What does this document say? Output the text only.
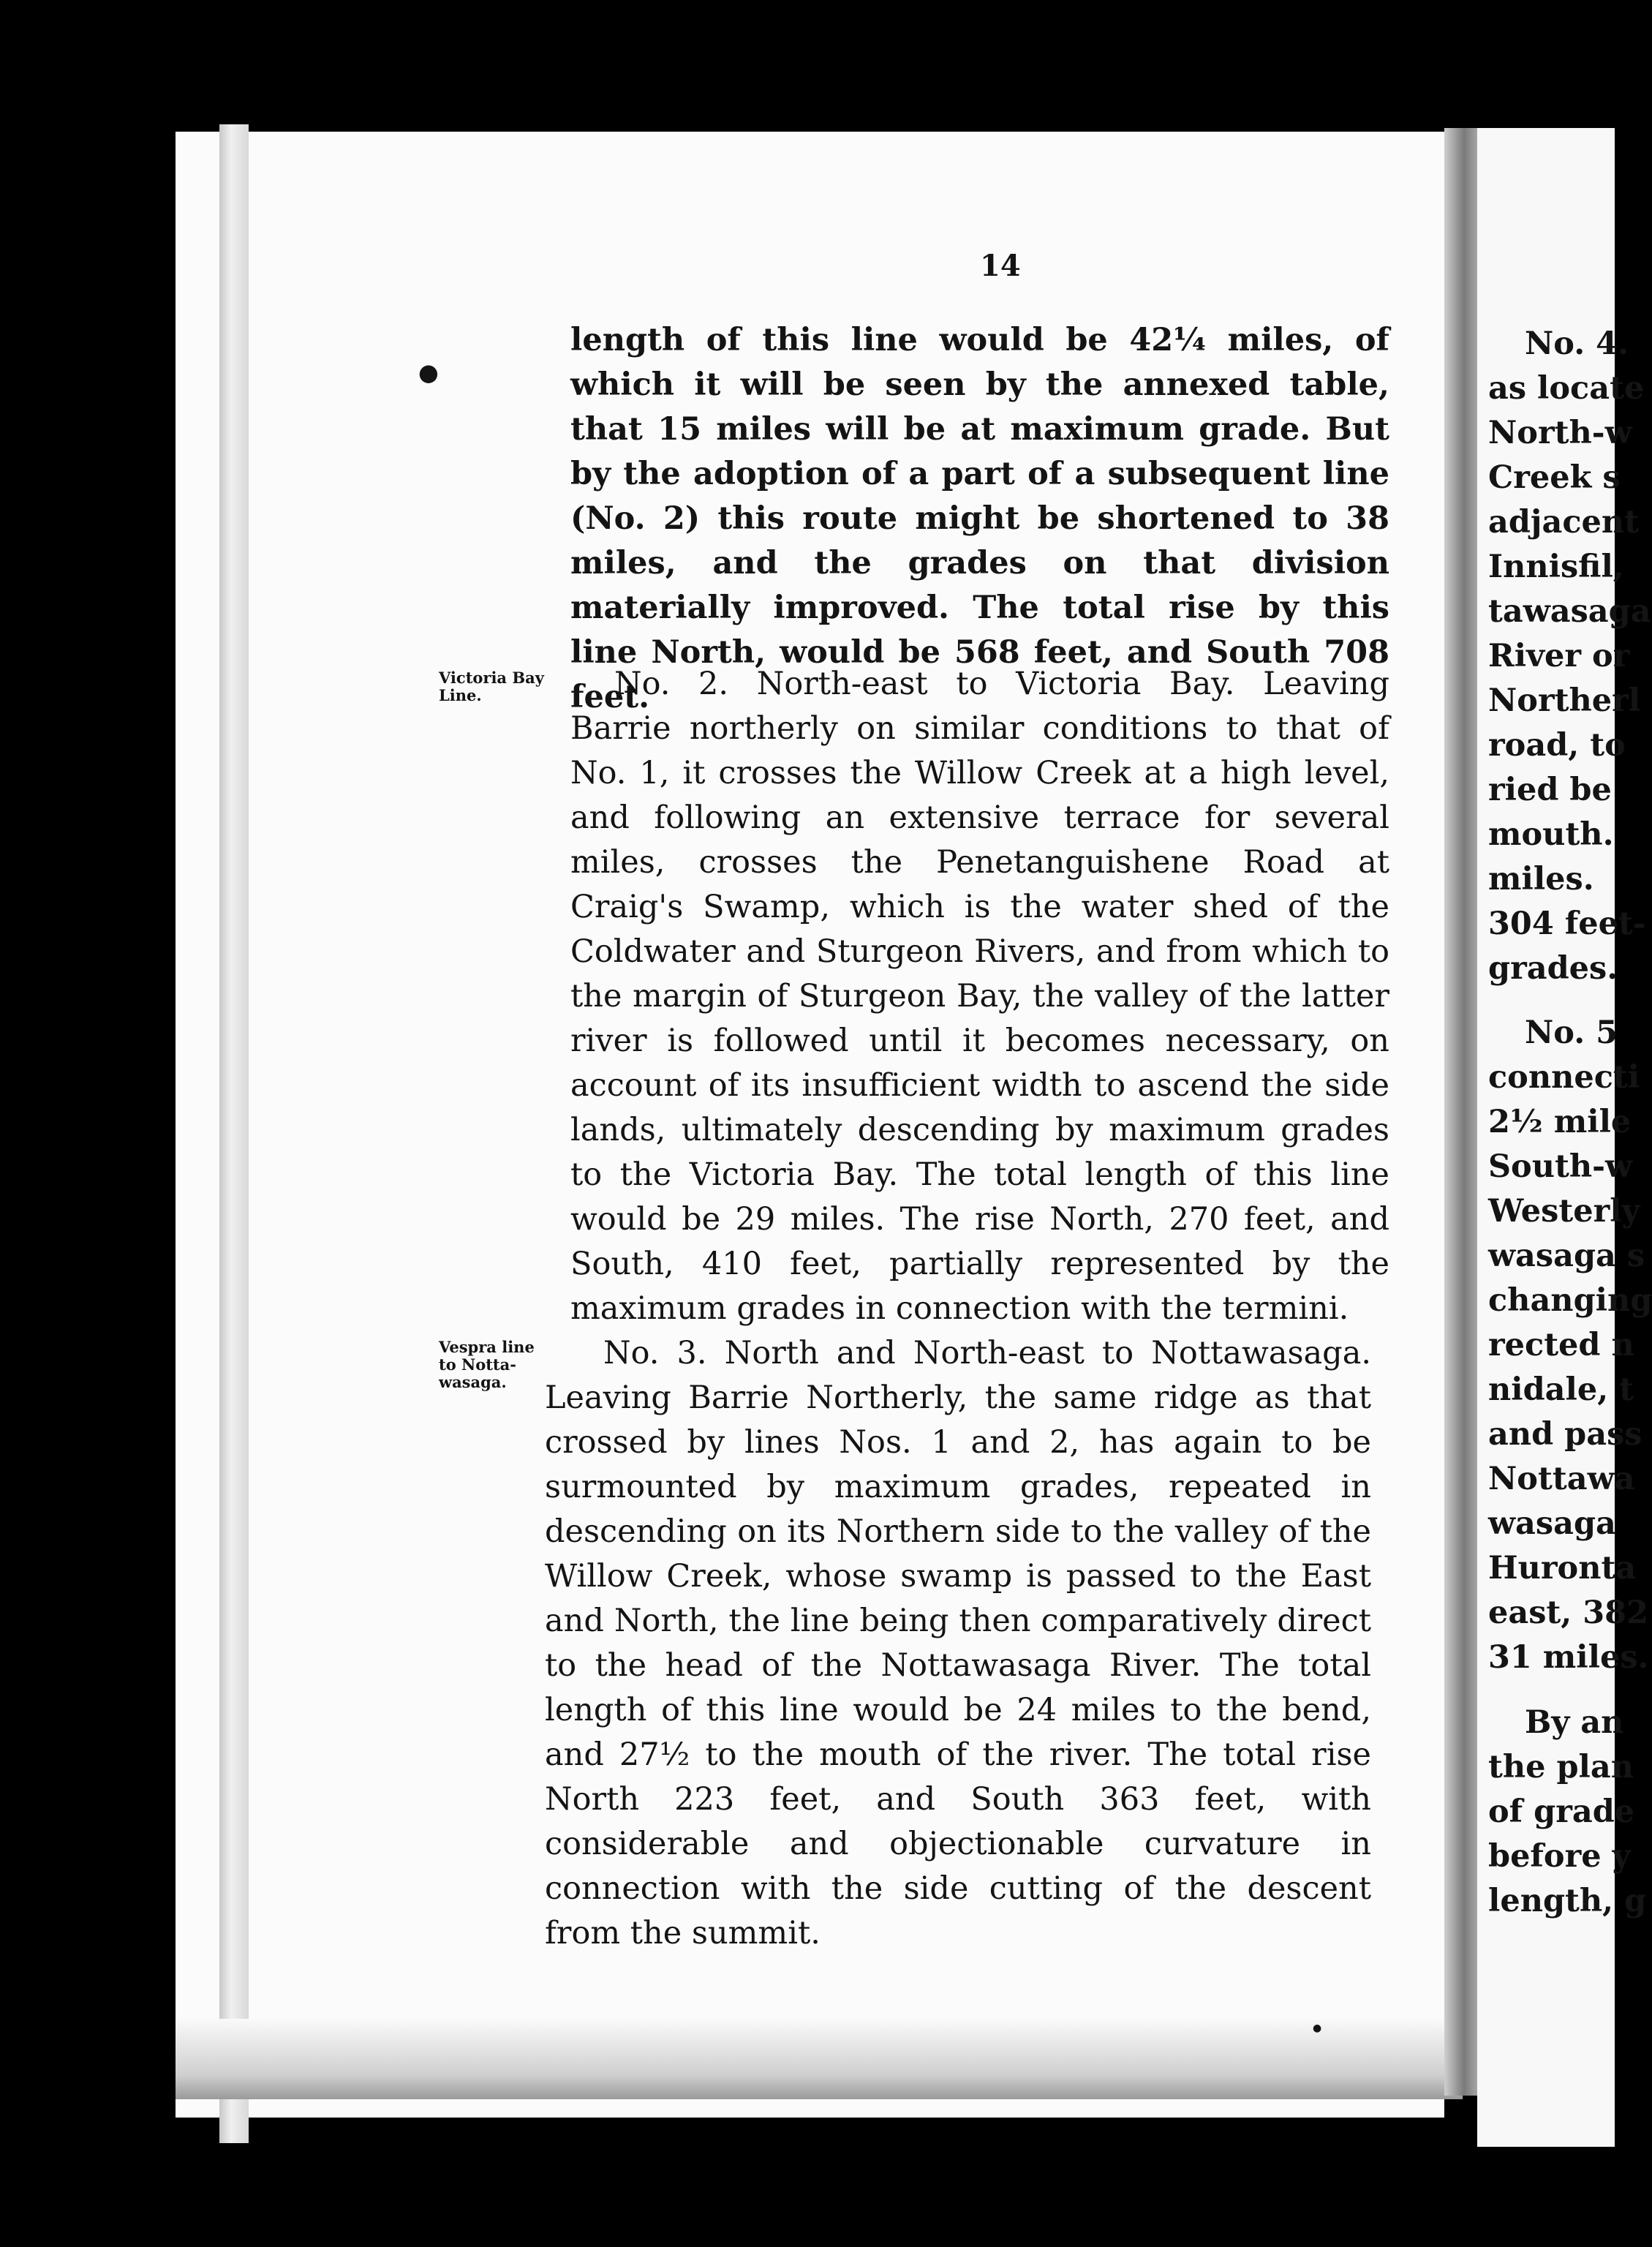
14
●
●

length of this line would be 42¼ miles, of which it will be seen by the annexed table, that 15 miles will be at maximum grade. But by the adoption of a part of a subsequent line (No. 2) this route might be shortened to 38 miles, and the grades on that division materially improved. The total rise by this line North, would be 568 feet, and South 708 feet.

Victoria Bay
Line.	No. 2. North-east to Victoria Bay. Leaving Barrie northerly on similar conditions to that of No. 1, it crosses the Willow Creek at a high level, and following an extensive terrace for several miles, crosses the Penetanguishene Road at Craig's Swamp, which is the water shed of the Coldwater and Sturgeon Rivers, and from which to the margin of Sturgeon Bay, the valley of the latter river is followed until it becomes necessary, on account of its insufficient width to ascend the side lands, ultimately descending by maximum grades to the Victoria Bay. The total length of this line would be 29 miles. The rise North, 270 feet, and South, 410 feet, partially represented by the maximum grades in connection with the termini.

Vespra line
to Notta-
wasaga.

No. 3. North and North-east to Nottawasaga. Leaving Barrie Northerly, the same ridge as that crossed by lines Nos. 1 and 2, has again to be surmounted by maximum grades, repeated in descending on its Northern side to the valley of the Willow Creek, whose swamp is passed to the East and North, the line being then comparatively direct to the head of the Nottawasaga River. The total length of this line would be 24 miles to the bend, and 27½ to the mouth of the river. The total rise North 223 feet, and South 363 feet, with considerable and objectionable curvature in connection with the side cutting of the descent from the summit.

No. 4.
as locate
North-w
Creek s
adjacent
Innisfil,
tawasaga
River or
Northerl
road, to
ried be
mouth.
miles.
304 feet-
grades.
No. 5
connecti
2½ mile
South-w
Westerly
wasaga s
changing
rected n
nidale, t
and pass
Nottawa
wasaga
Huronta
east, 382
31 miles.
By an
the plan
of grade
before y
length, g
